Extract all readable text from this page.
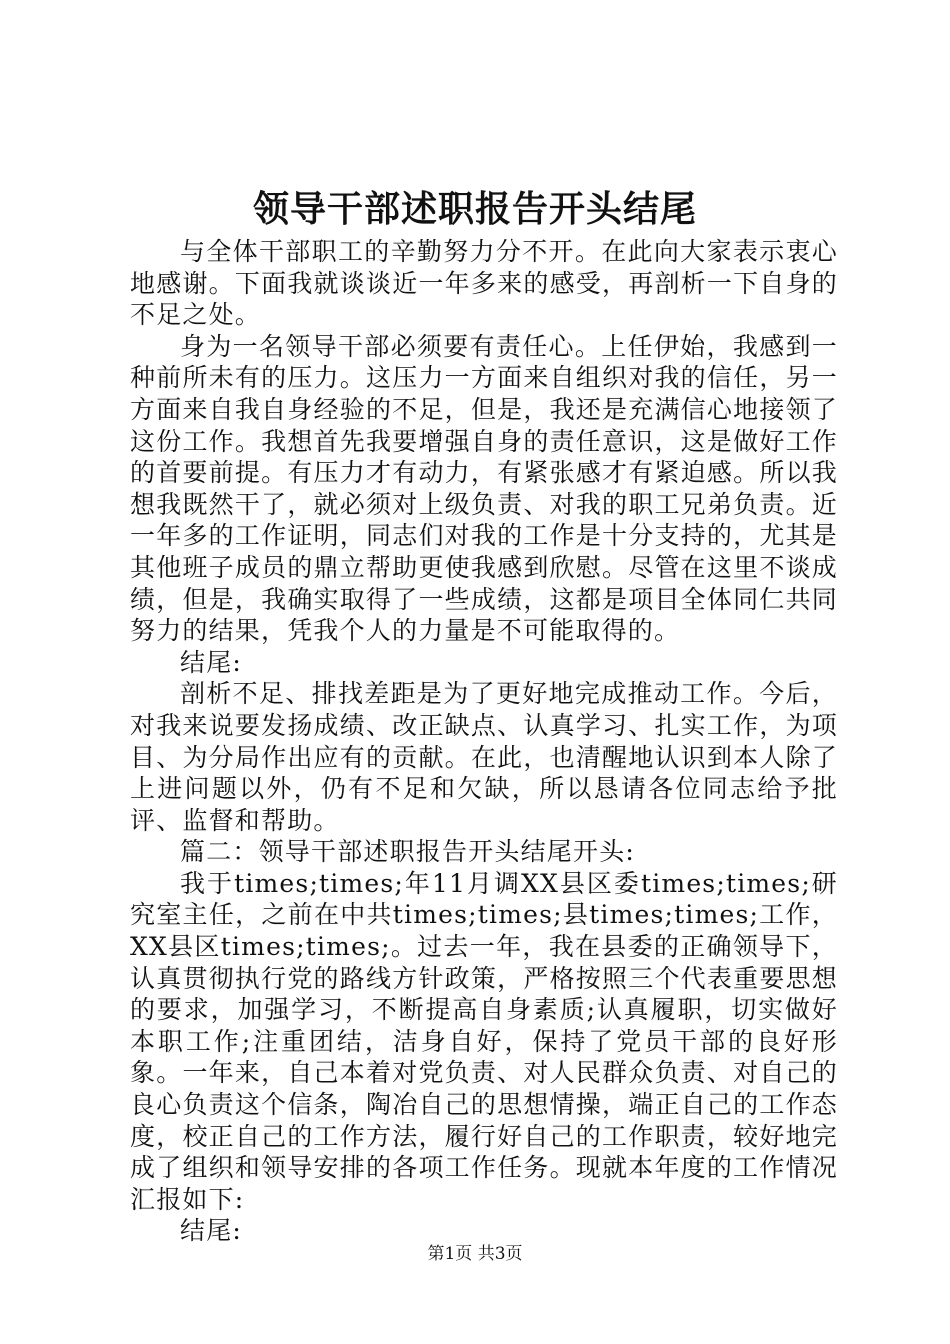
领导干部述职报告开头结尾

与全体干部职工的辛勤努力分不开。在此向大家表示衷心地感谢。下面我就谈谈近一年多来的感受，再剖析一下自身的不足之处。

身为一名领导干部必须要有责任心。上任伊始，我感到一种前所未有的压力。这压力一方面来自组织对我的信任，另一方面来自我自身经验的不足，但是，我还是充满信心地接领了这份工作。我想首先我要增强自身的责任意识，这是做好工作的首要前提。有压力才有动力，有紧张感才有紧迫感。所以我想我既然干了，就必须对上级负责、对我的职工兄弟负责。近一年多的工作证明，同志们对我的工作是十分支持的，尤其是其他班子成员的鼎立帮助更使我感到欣慰。尽管在这里不谈成绩，但是，我确实取得了一些成绩，这都是项目全体同仁共同努力的结果，凭我个人的力量是不可能取得的。

结尾:

剖析不足、排找差距是为了更好地完成推动工作。今后，对我来说要发扬成绩、改正缺点、认真学习、扎实工作，为项目、为分局作出应有的贡献。在此，也清醒地认识到本人除了上进问题以外，仍有不足和欠缺，所以恳请各位同志给予批评、监督和帮助。

篇二：领导干部述职报告开头结尾开头:

我于times;times;年11月调XX县区委times;times;研究室主任，之前在中共times;times;县times;times;工作，XX县区times;times;。过去一年，我在县委的正确领导下，认真贯彻执行党的路线方针政策，严格按照三个代表重要思想的要求，加强学习，不断提高自身素质;认真履职，切实做好本职工作;注重团结，洁身自好，保持了党员干部的良好形象。一年来，自己本着对党负责、对人民群众负责、对自己的良心负责这个信条，陶冶自己的思想情操，端正自己的工作态度，校正自己的工作方法，履行好自己的工作职责，较好地完成了组织和领导安排的各项工作任务。现就本年度的工作情况汇报如下:

结尾:

第1页 共3页
